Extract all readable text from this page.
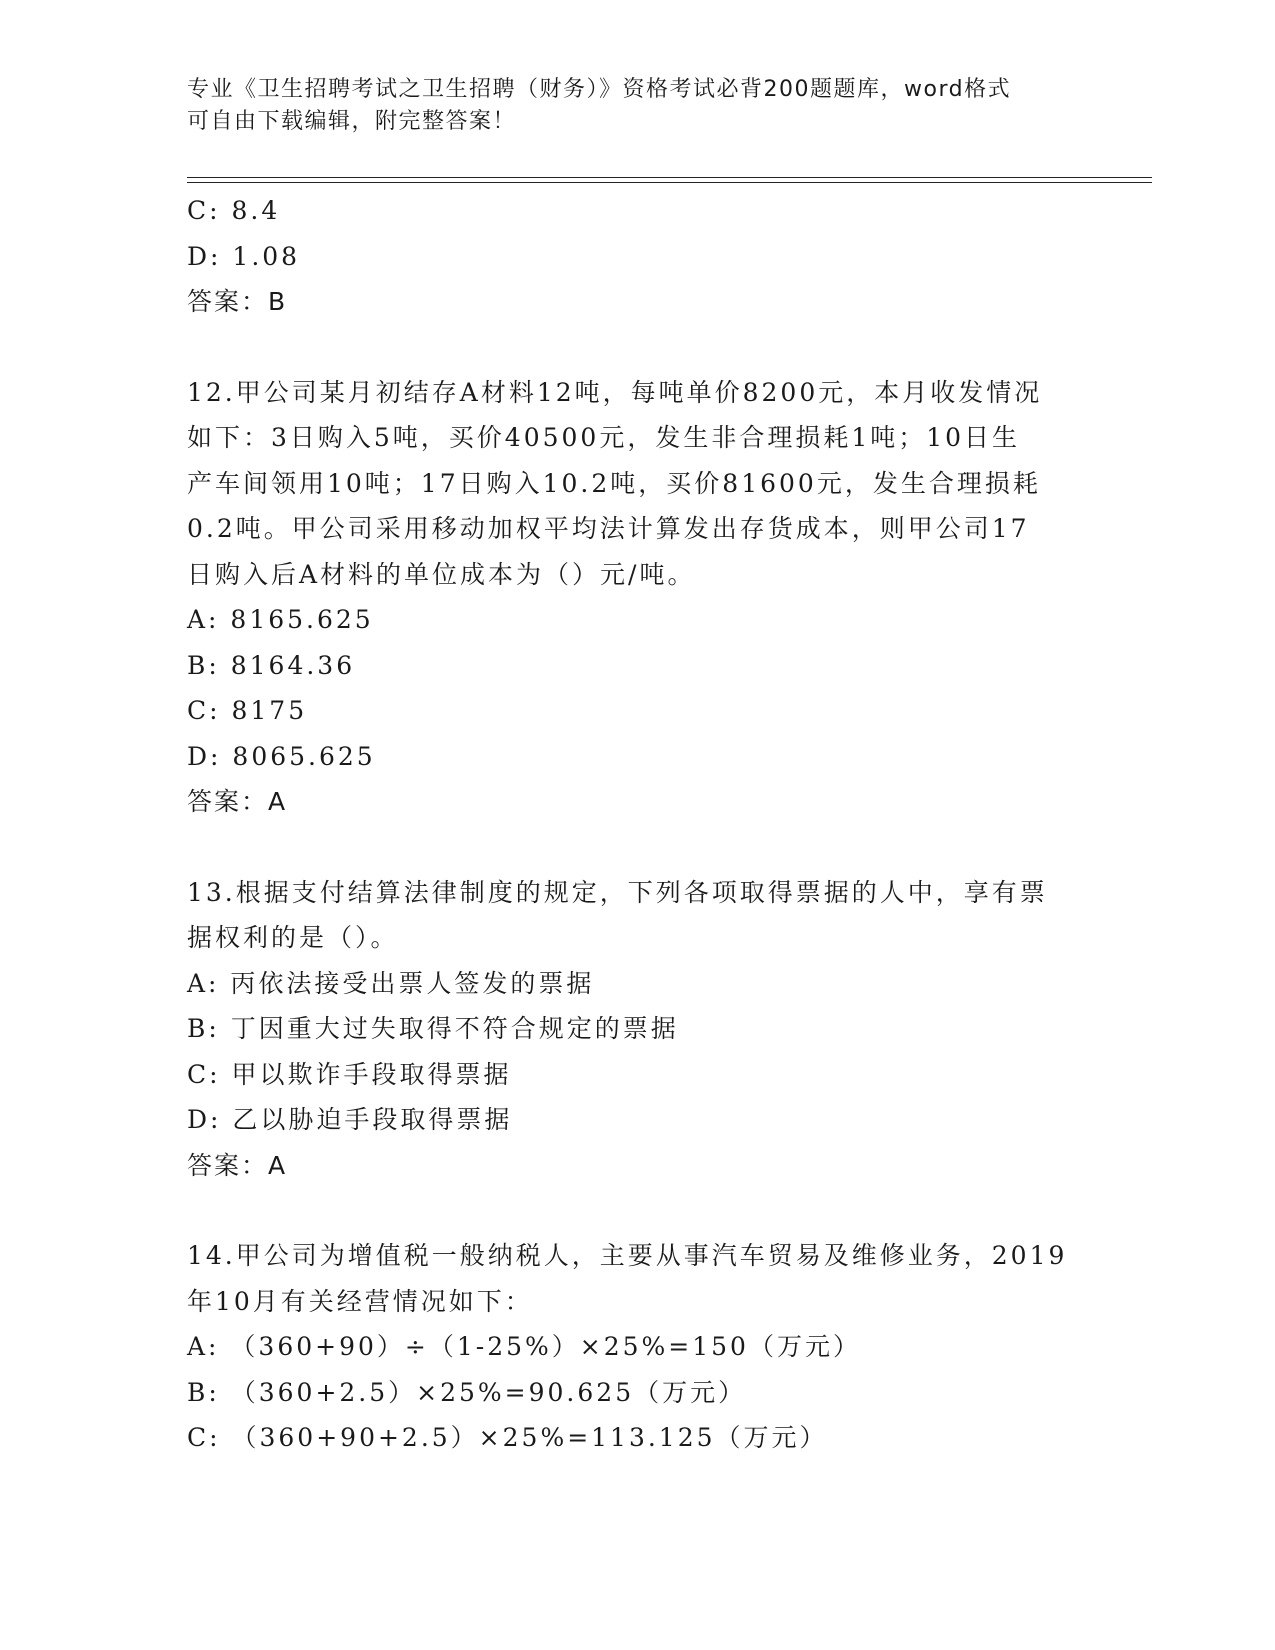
专业《卫生招聘考试之卫生招聘（财务）》资格考试必背200题题库，word格式
可自由下载编辑，附完整答案！
C: 8.4
D: 1.08
答案：B
12.甲公司某月初结存A材料12吨，每吨单价8200元，本月收发情况
如下：3日购入5吨，买价40500元，发生非合理损耗1吨；10日生
产车间领用10吨；17日购入10.2吨，买价81600元，发生合理损耗
0.2吨。甲公司采用移动加权平均法计算发出存货成本，则甲公司17
日购入后A材料的单位成本为（）元/吨。
A: 8165.625
B: 8164.36
C: 8175
D: 8065.625
答案：A
13.根据支付结算法律制度的规定，下列各项取得票据的人中，享有票
据权利的是（）。
A: 丙依法接受出票人签发的票据
B: 丁因重大过失取得不符合规定的票据
C: 甲以欺诈手段取得票据
D: 乙以胁迫手段取得票据
答案：A
14.甲公司为增值税一般纳税人，主要从事汽车贸易及维修业务，2019
年10月有关经营情况如下：
A: （360+90）÷（1-25%）×25%=150（万元）
B: （360+2.5）×25%=90.625（万元）
C: （360+90+2.5）×25%=113.125（万元）
